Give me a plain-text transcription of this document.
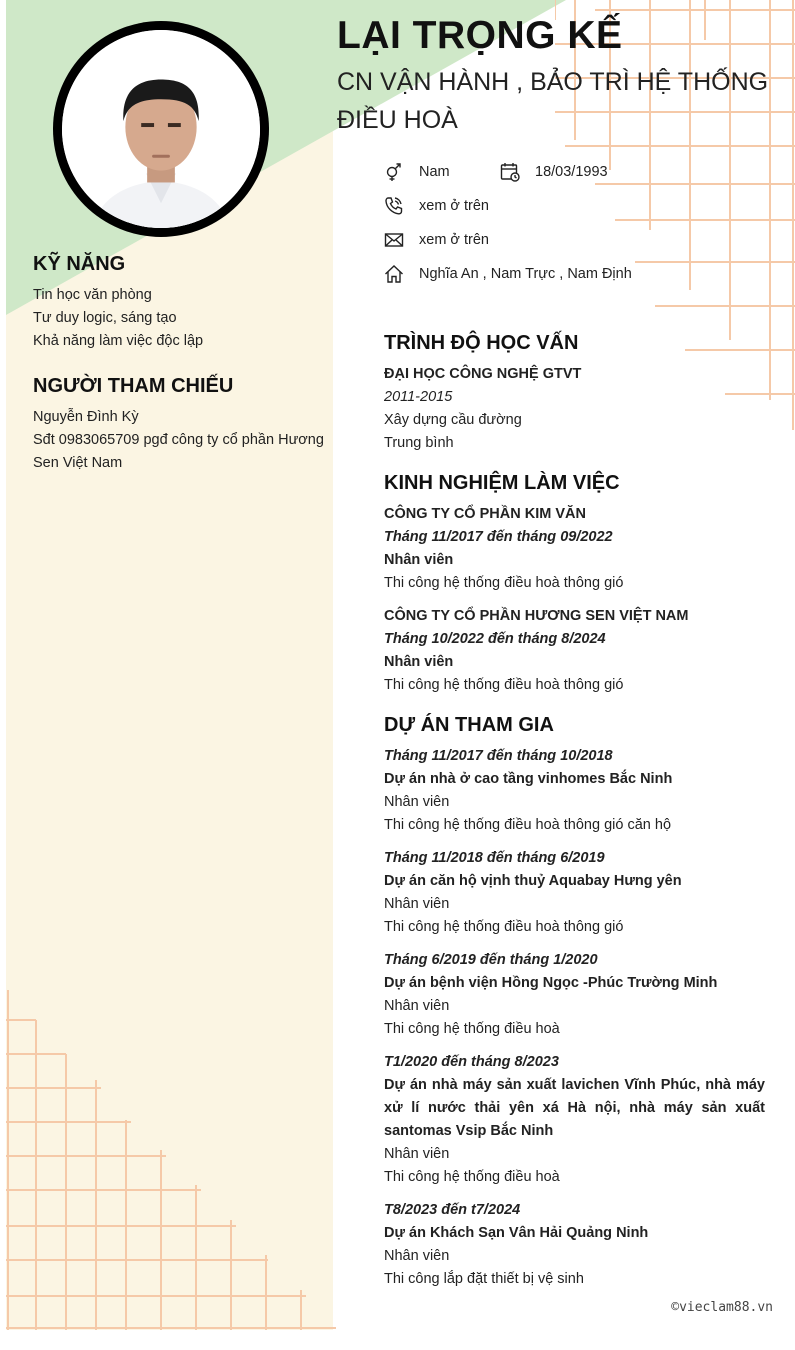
LẠI TRỌNG KẾ
CN VẬN HÀNH , BẢO TRÌ HỆ THỐNG ĐIỀU HOÀ
Nam	18/03/1993
xem ở trên
xem ở trên
Nghĩa An , Nam Trực , Nam Định
KỸ NĂNG
Tin học văn phòng
Tư duy logic, sáng tạo
Khả năng làm việc độc lập
NGƯỜI THAM CHIẾU
Nguyễn Đình Kỳ
Sđt 0983065709 pgđ công ty cổ phần Hương
Sen Việt Nam
TRÌNH ĐỘ HỌC VẤN
ĐẠI HỌC CÔNG NGHỆ GTVT
2011-2015
Xây dựng cầu đường
Trung bình
KINH NGHIỆM LÀM VIỆC
CÔNG TY CỔ PHẦN KIM VĂN
Tháng 11/2017 đến tháng 09/2022
Nhân viên
Thi công hệ thống điều hoà thông gió
CÔNG TY CỔ PHẦN HƯƠNG SEN VIỆT NAM
Tháng 10/2022 đến tháng 8/2024
Nhân viên
Thi công hệ thống điều hoà thông gió
DỰ ÁN THAM GIA
Tháng 11/2017 đến tháng 10/2018
Dự án nhà ở cao tầng vinhomes Bắc Ninh
Nhân viên
Thi công hệ thống điều hoà thông gió căn hộ
Tháng 11/2018 đến tháng 6/2019
Dự án căn hộ vịnh thuỷ Aquabay Hưng yên
Nhân viên
Thi công hệ thống điều hoà thông gió
Tháng 6/2019 đến tháng 1/2020
Dự án bệnh viện Hồng Ngọc -Phúc Trường Minh
Nhân viên
Thi công hệ thống điều hoà
T1/2020 đến tháng 8/2023
Dự án nhà máy sản xuất lavichen Vĩnh Phúc, nhà máy xử lí nước thải yên xá Hà nội, nhà máy sản xuất santomas Vsip Bắc Ninh
Nhân viên
Thi công hệ thống điều hoà
T8/2023 đến t7/2024
Dự án Khách Sạn Vân Hải Quảng Ninh
Nhân viên
Thi công lắp đặt thiết bị vệ sinh
©vieclam88.vn
